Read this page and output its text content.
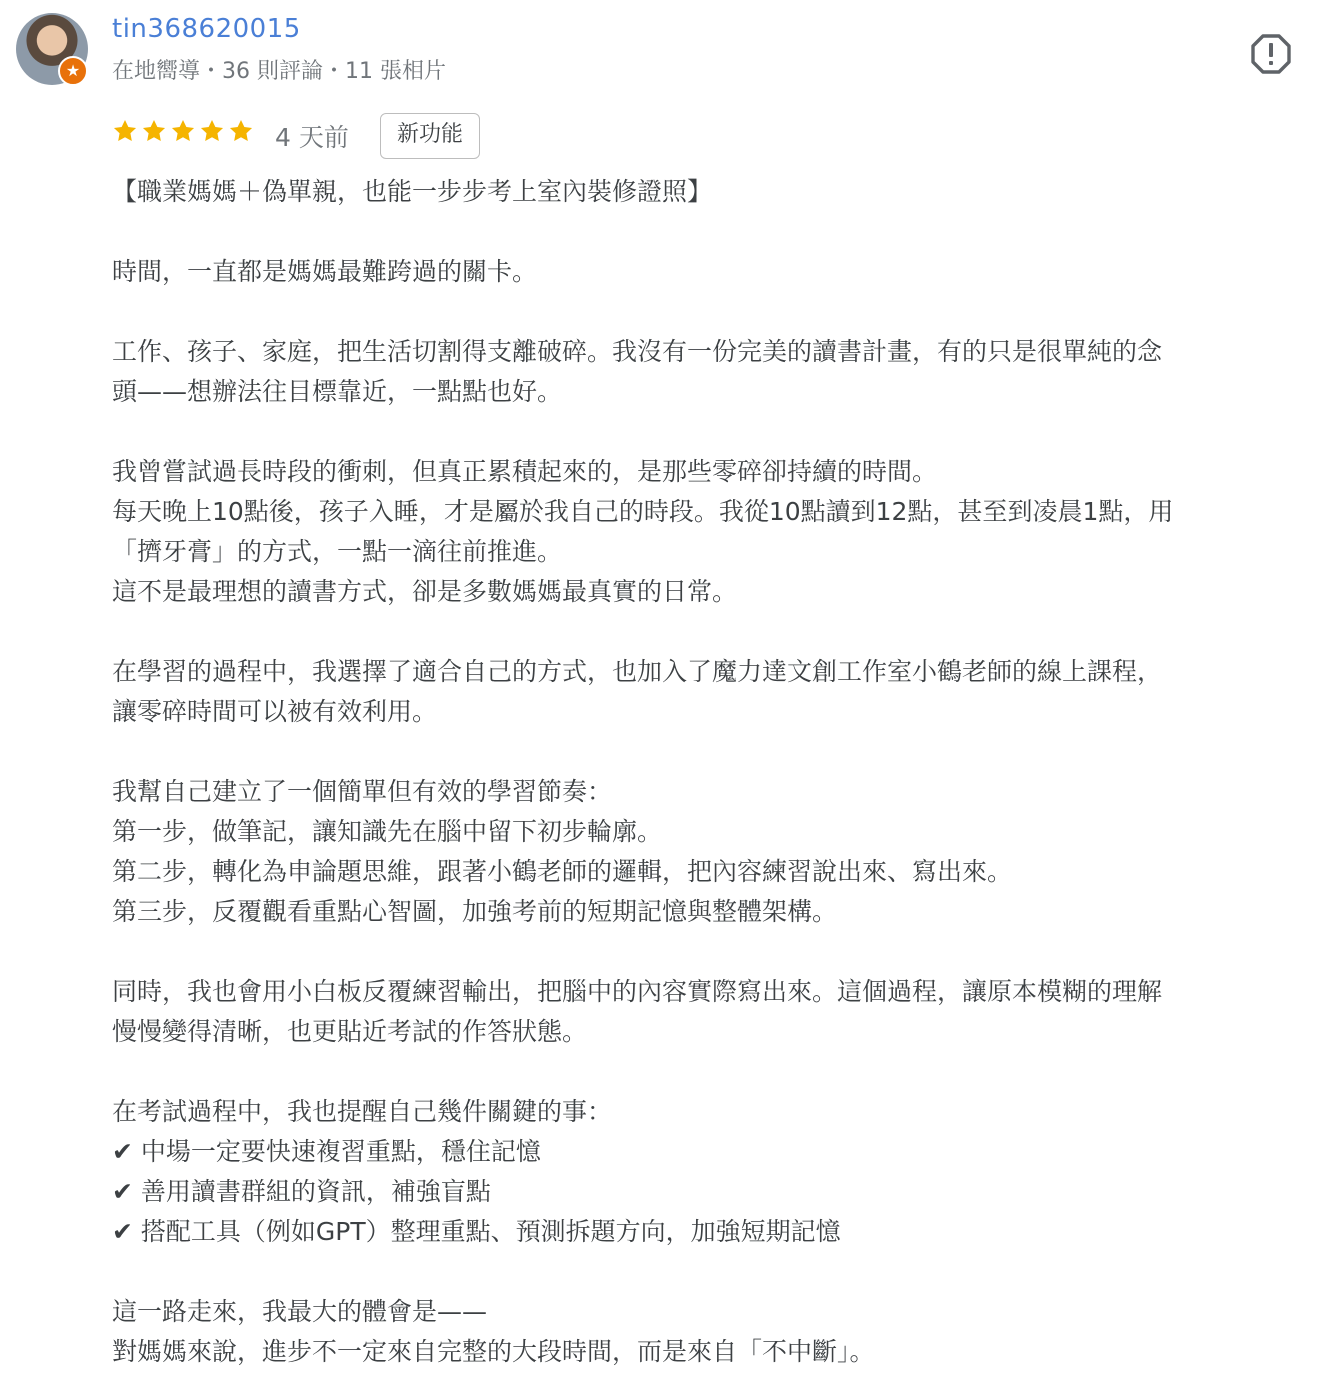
★
tin368620015
在地嚮導・36 則評論・11 張相片
4 天前	新功能
【職業媽媽＋偽單親，也能一步步考上室內裝修證照】
時間，一直都是媽媽最難跨過的關卡。
工作、孩子、家庭，把生活切割得支離破碎。我沒有一份完美的讀書計畫，有的只是很單純的念
頭——想辦法往目標靠近，一點點也好。
我曾嘗試過長時段的衝刺，但真正累積起來的，是那些零碎卻持續的時間。
每天晚上10點後，孩子入睡，才是屬於我自己的時段。我從10點讀到12點，甚至到凌晨1點，用
「擠牙膏」的方式，一點一滴往前推進。
這不是最理想的讀書方式，卻是多數媽媽最真實的日常。
在學習的過程中，我選擇了適合自己的方式，也加入了魔力達文創工作室小鶴老師的線上課程，
讓零碎時間可以被有效利用。
我幫自己建立了一個簡單但有效的學習節奏：
第一步，做筆記，讓知識先在腦中留下初步輪廓。
第二步，轉化為申論題思維，跟著小鶴老師的邏輯，把內容練習說出來、寫出來。
第三步，反覆觀看重點心智圖，加強考前的短期記憶與整體架構。
同時，我也會用小白板反覆練習輸出，把腦中的內容實際寫出來。這個過程，讓原本模糊的理解
慢慢變得清晰，也更貼近考試的作答狀態。
在考試過程中，我也提醒自己幾件關鍵的事：
✔ 中場一定要快速複習重點，穩住記憶
✔ 善用讀書群組的資訊，補強盲點
✔ 搭配工具（例如GPT）整理重點、預測拆題方向，加強短期記憶
這一路走來，我最大的體會是——
對媽媽來說，進步不一定來自完整的大段時間，而是來自「不中斷」。
